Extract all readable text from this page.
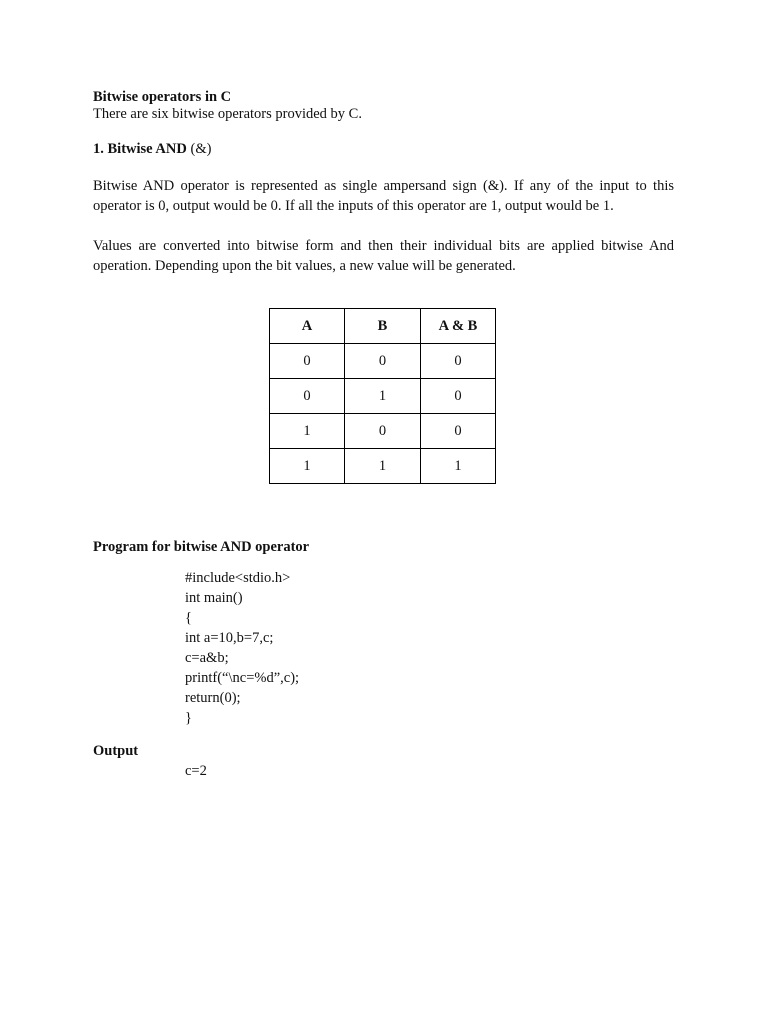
Bitwise operators in C
There are six bitwise operators provided by C.
1. Bitwise AND (&)
Bitwise AND operator is represented as single ampersand sign (&). If any of the input to this operator is 0, output would be 0. If all the inputs of this operator are 1, output would be 1.
Values are converted into bitwise form and then their individual bits are applied bitwise And operation. Depending upon the bit values, a new value will be generated.
A	B	A & B
0	0	0
0	1	0
1	0	0
1	1	1
Program for bitwise AND operator
#include<stdio.h>
int main()
{
int a=10,b=7,c;
c=a&b;
printf(“\nc=%d”,c);
return(0);
}
Output
c=2
